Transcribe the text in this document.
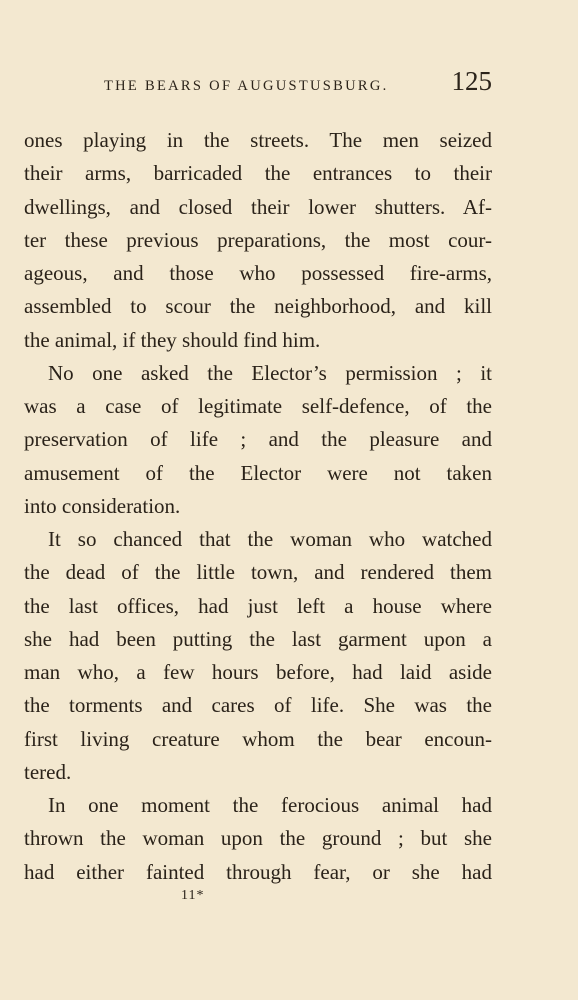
THE BEARS OF AUGUSTUSBURG. 125
ones playing in the streets. The men seized
their arms, barricaded the entrances to their
dwellings, and closed their lower shutters. Af-
ter these previous preparations, the most cour-
ageous, and those who possessed fire-arms,
assembled to scour the neighborhood, and kill
the animal, if they should find him.
No one asked the Elector’s permission ; it
was a case of legitimate self-defence, of the
preservation of life ; and the pleasure and
amusement of the Elector were not taken
into consideration.
It so chanced that the woman who watched
the dead of the little town, and rendered them
the last offices, had just left a house where
she had been putting the last garment upon a
man who, a few hours before, had laid aside
the torments and cares of life. She was the
first living creature whom the bear encoun-
tered.
In one moment the ferocious animal had
thrown the woman upon the ground ; but she
had either fainted through fear, or she had
11*
